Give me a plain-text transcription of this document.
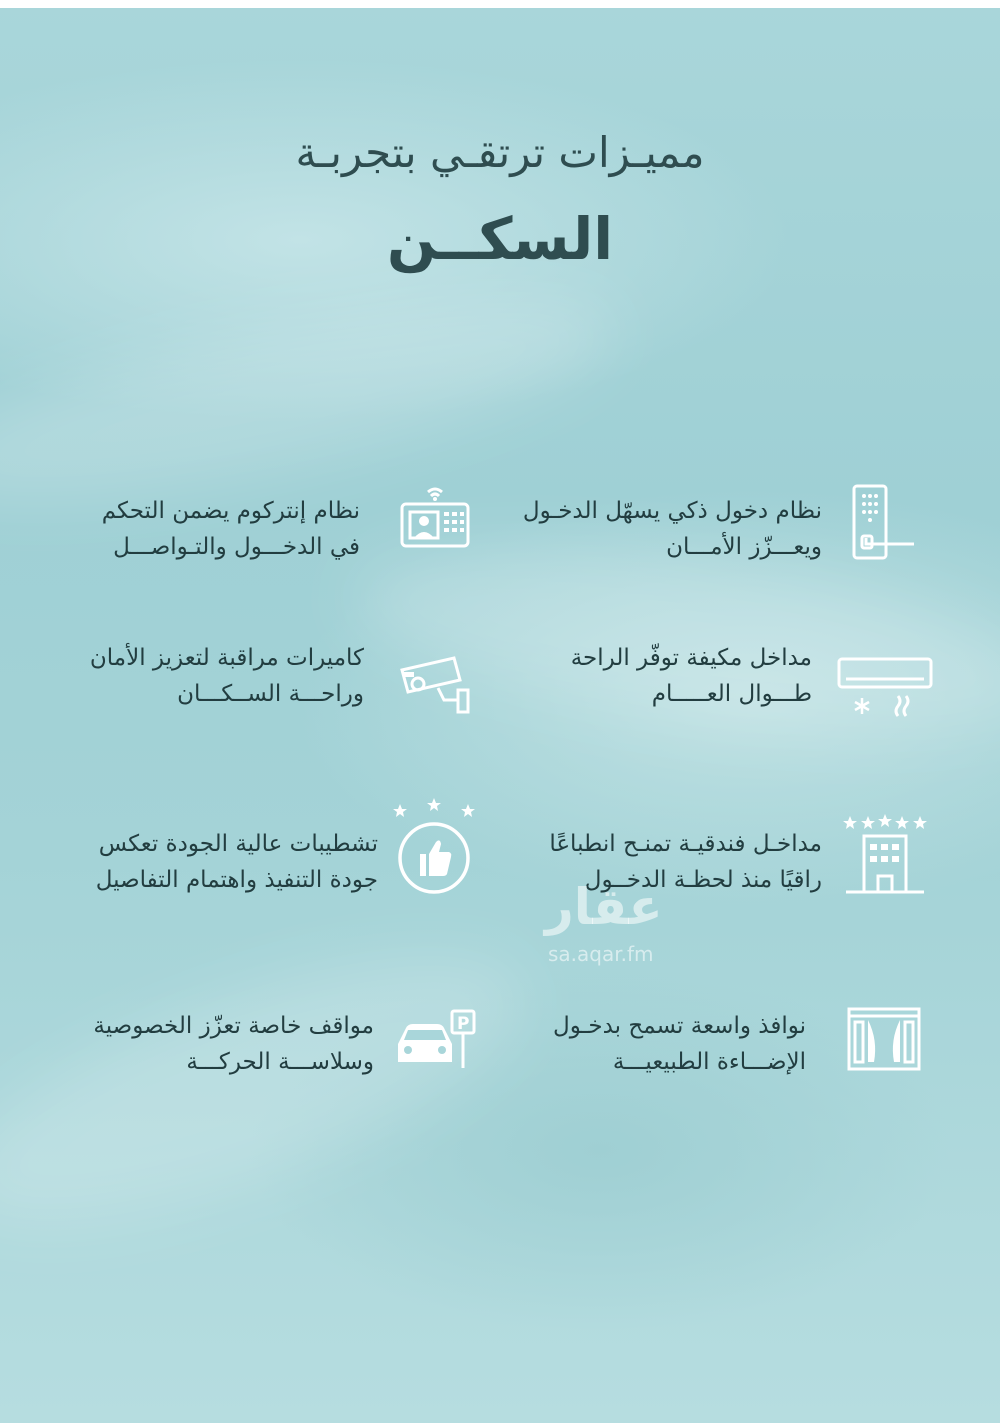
مميـزات ترتقـي بتجربـة
السكــن
نظام دخول ذكي يسهّل الدخـول
ويعـــزّز الأمـــان
نظام إنتركوم يضمن التحكم
في الدخـــول والتـواصـــل
مداخل مكيفة توفّر الراحة
طـــوال العـــــام
كاميرات مراقبة لتعزيز الأمان
وراحـــة الســكـــان
مداخـل فندقيـة تمنـح انطباعًا
راقيًا منذ لحظـة الدخــول
تشطيبات عالية الجودة تعكس
جودة التنفيذ واهتمام التفاصيل
نوافذ واسعة تسمح بدخـول
الإضـــاءة الطبيعيـــة
P
مواقف خاصة تعزّز الخصوصية
وسلاســـة الحركـــة
عقار
sa.aqar.fm
